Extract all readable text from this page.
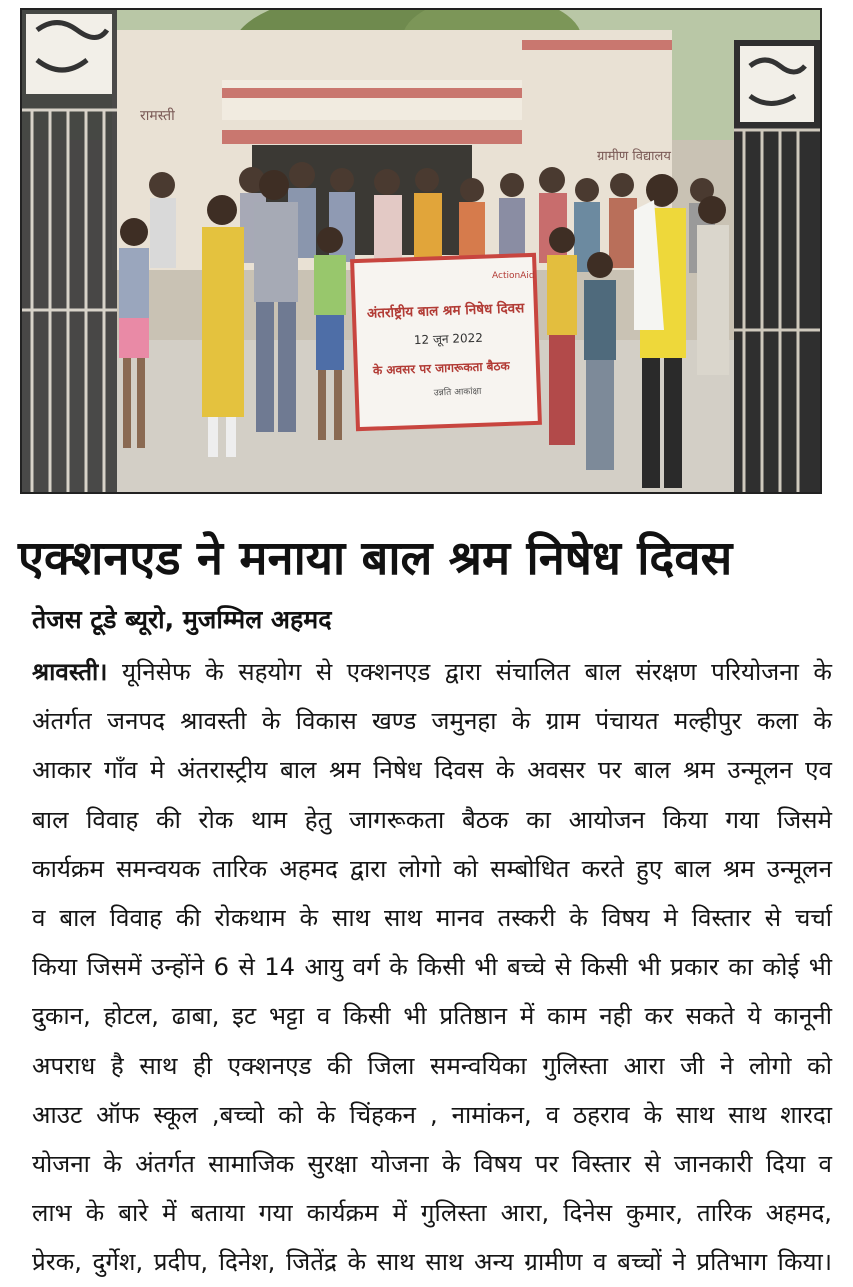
रामस्ती
ग्रामीण विद्यालय
ActionAid
अंतर्राष्ट्रीय बाल श्रम निषेध दिवस
12 जून 2022
के अवसर पर जागरूकता बैठक
उन्नति आकांक्षा
एक्शनएड ने मनाया बाल श्रम निषेध दिवस
तेजस टूडे ब्यूरो, मुजम्मिल अहमद
श्रावस्ती। यूनिसेफ के सहयोग से एक्शनएड द्वारा संचालित बाल संरक्षण परियोजना के
अंतर्गत जनपद श्रावस्ती के विकास खण्ड जमुनहा के ग्राम पंचायत मल्हीपुर कला के
आकार गाँव मे अंतरास्ट्रीय बाल श्रम निषेध दिवस के अवसर पर बाल श्रम उन्मूलन एव
बाल विवाह की रोक थाम हेतु जागरूकता बैठक का आयोजन किया गया जिसमे
कार्यक्रम समन्वयक तारिक अहमद द्वारा लोगो को सम्बोधित करते हुए बाल श्रम उन्मूलन
व बाल विवाह की रोकथाम के साथ साथ मानव तस्करी के विषय मे विस्तार से चर्चा
किया जिसमें उन्होंने 6 से 14 आयु वर्ग के किसी भी बच्चे से किसी भी प्रकार का कोई भी
दुकान, होटल, ढाबा, इट भट्टा व किसी भी प्रतिष्ठान में काम नही कर सकते ये कानूनी
अपराध है साथ ही एक्शनएड की जिला समन्वयिका गुलिस्ता आरा जी ने लोगो को
आउट ऑफ स्कूल ,बच्चो को के चिंहकन , नामांकन, व ठहराव के साथ साथ शारदा
योजना के अंतर्गत सामाजिक सुरक्षा योजना के विषय पर विस्तार से जानकारी दिया व
लाभ के बारे में बताया गया कार्यक्रम में गुलिस्ता आरा, दिनेस कुमार, तारिक अहमद,
प्रेरक, दुर्गेश, प्रदीप, दिनेश, जितेंद्र के साथ साथ अन्य ग्रामीण व बच्चों ने प्रतिभाग किया।
